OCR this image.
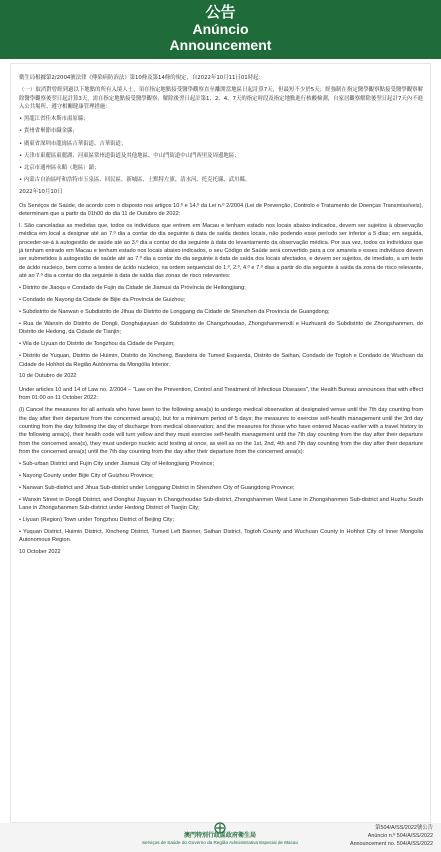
公告
Anúncio
Announcement

衛生局根據第2/2004號法律《傳染病防治法》第10條及第14條的規定，自2022年10月11日01時起：

（一）取消對曾經到過以下地點的所有入境人士，須在指定地點接受醫學觀察直至離開當地區日起計算7天，但最短不少於5天；經強制在指定醫學觀察點接受醫學觀察解除醫學觀察後翌日起計算3天，需在指定地點接受醫學觀察，解除後翌日起計第1、2、4、7天的指定時段及指定地點進行核酸檢測，自家居觀察解除後翌日起計7天內不進入公共場所、遵守相關健康管理措施：

• 黑龍江省佳木斯市湯原縣；

• 貴州省畢節市織金縣；

• 廣東省深圳市龍崗區吉華街道、吉華街道；

• 天津市東麗區東麗湖、河東區常州道街道及其他地區、中山門街道中山門西里及周邊地區；

• 北京市通州區永順（地區）鎮；

• 內蒙古自治區呼和浩特市玉泉區、回民區、新城區、土默特左旗、清水河、托克托縣、武川縣。

2022年10月10日

Os Serviços de Saúde, de acordo com o disposto nos artigos 10.º e 14.º da Lei n.º 2/2004 (Lei de Prevenção, Controlo e Tratamento de Doenças Transmissíveis), determinam que a partir da 01h00 do dia 11 de Outubro de 2022:

I. São canceladas as medidas que, todos os indivíduos que entrem em Macau e tenham estado nos locais abaixo indicados, devem ser sujeitos à observação médica em local a designar até ao 7.º dia a contar do dia seguinte à data de saída destes locais, não podendo esse período ser inferior a 5 dias; em seguida, proceder-se-á à autogestão de saúde até ao 3.º dia a contar do dia seguinte à data do levantamento da observação médica. Por sua vez, todos os indivíduos que já tenham entrado em Macau e tenham estado nos locais abaixo indicados, o seu Código de Saúde será convertido para a cor amarela e esses indivíduos devem ser submetidos à autogestão de saúde até ao 7.º dia a contar do dia seguinte à data de saída dos locais afectados, e devem ser sujeitos, de imediato, a um teste de ácido nucleico, bem como a testes de ácido nucleico, na ordem sequencial do 1.º, 2.º, 4.º e 7.º dias a partir do dia seguinte à saída da zona de risco relevante, até ao 7.º dia a contar do dia seguinte à data de saída das zonas de risco relevantes:

• Distrito de Jiaoqu e Condado de Fujin da Cidade de Jiamusi da Província de Heilongjiang;

• Condado de Nayong da Cidade de Bijie da Província de Guizhou;

• Subdistrito de Nanwan e Subdistrito de Jihua do Distrito de Longgang da Cidade de Shenzhen da Província de Guangdong;

• Rua de Wanxin do Distrito de Dongli, Donghujiayuan do Subdistrito de Changzhoudao, Zhongshanmenxili e Huzhuanli do Subdistrito de Zhongshanmen, do Distrito de Hedong, da Cidade de Tianjin;

• Vila de Liyuan do Distrito de Tongzhou da Cidade de Pequim;

• Distrito de Yuquan, Distrito de Huimin, Distrito de Xincheng, Bandeira de Tumed Esquerda, Distrito de Saihan, Condado de Togtoh e Condado de Wuchuan da Cidade de Hohhot da Região Autónoma da Mongólia Interior.

10 de Outubro de 2022

Under articles 10 and 14 of Law no. 2/2004 – "Law on the Prevention, Control and Treatment of Infectious Diseases", the Health Bureau announces that with effect from 01:00 on 11 October 2022:

(I) Cancel the measures for all arrivals who have been to the following area(s) to undergo medical observation at designated venue until the 7th day counting from the day after their departure from the concerned area(s), but for a minimum period of 5 days; the measures to exercise self-health management until the 3rd day counting from the day following the day of discharge from medical observation; and the measures for those who have entered Macao earlier with a travel history to the following area(s), their health code will turn yellow and they must exercise self-health management until the 7th day counting from the day after their departure from the concerned area(s), they must undergo nucleic acid testing at once, as well as on the 1st, 2nd, 4th and 7th day counting from the day after their departure from the concerned area(s) until the 7th day counting from the day after their departure from the concerned area(s):

• Sub-urban District and Fujin City under Jiamusi City of Heilongjiang Province;

• Nayong County under Bijie City of Guizhou Province;

• Nanwan Sub-district and Jihua Sub-district under Longgang District in Shenzhen City of Guangdong Province;

• Wanxin Street in Dongli District, and Donghui Jiayuan in Changzhoudao Sub-district, Zhongshanmen West Lane in Zhongshanmen Sub-district and Huzhu South Lane in Zhongshanmen Sub-district under Hedong District of Tianjin City;

• Liyuan (Region) Town under Tongzhou District of Beijing City;

• Yuquan District, Huimin District, Xincheng District, Tumed Left Banner, Saihan District, Togtoh County and Wuchuan County in Hohhot City of Inner Mongolia Autonomous Region.

10 October 2022

澳門特別行政區政府衛生局
Serviços de Saúde do Governo da Região Administrativa Especial de Macau
第504/A/SS/2022號公告
Anúncio n.º 504/A/SS/2022
Announcement no. 504/A/SS/2022
